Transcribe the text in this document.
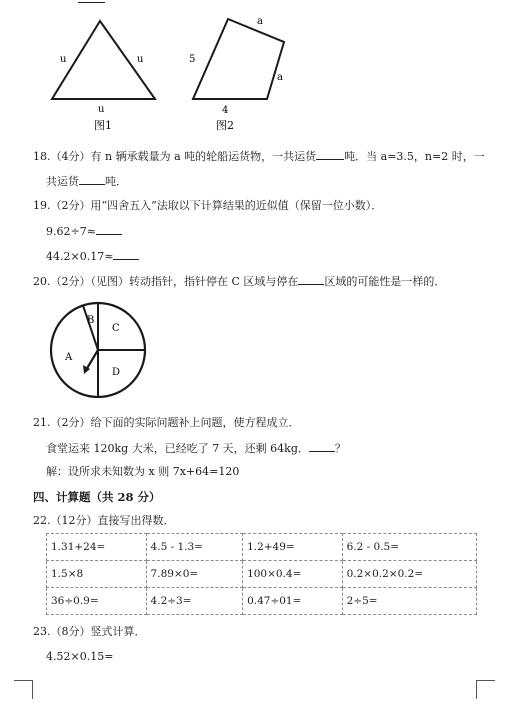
u	u
u
图1
a
5
a
4
图2
18.（4分）有 n 辆承载量为 a 吨的轮船运货物，一共运货	吨．当 a=3.5，n=2 时，一
共运货 吨．
19.（2分）用“四舍五入”法取以下计算结果的近似值（保留一位小数）．
9.62÷7≈
44.2×0.17≈
20.（2分）（见图）转动指针，指针停在 C 区域与停在 区域的可能性是一样的．
B
C
A
D
21.（2分）给下面的实际问题补上问题，使方程成立．
食堂运来 120kg 大米，已经吃了 7 天，还剩 64kg． ？
解：设所求未知数为 x 则 7x+64=120
四、计算题（共 28 分）
22.（12分）直接写出得数．
1.31+24=	4.5 - 1.3=	1.2+49=	6.2 - 0.5=
1.5×8	7.89×0=	100×0.4=	0.2×0.2×0.2=
36÷0.9=	4.2÷3=	0.47÷01=	2÷5=
23.（8分）竖式计算．
4.52×0.15=
